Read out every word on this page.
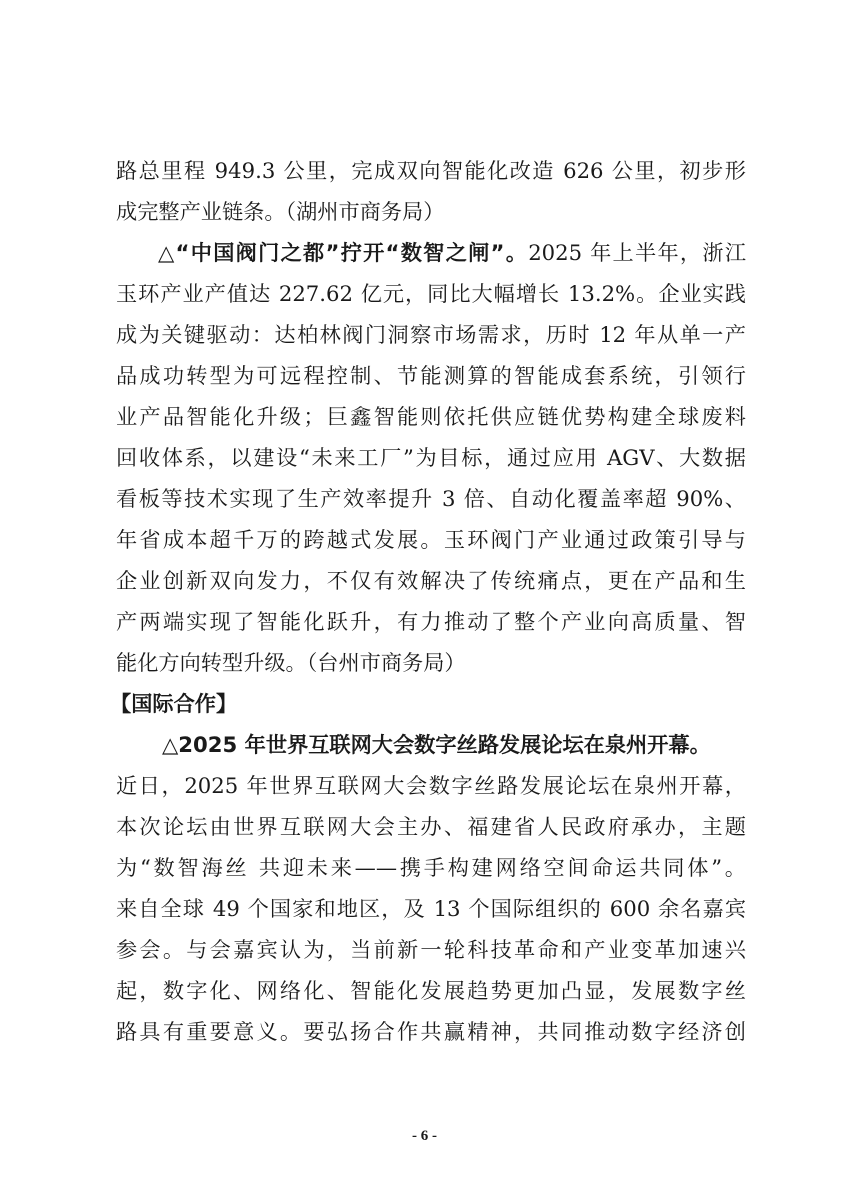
路总里程 949.3 公里，完成双向智能化改造 626 公里，初步形
成完整产业链条。（湖州市商务局）
△“中国阀门之都”拧开“数智之闸”。2025 年上半年，浙江
玉环产业产值达 227.62 亿元，同比大幅增长 13.2%。企业实践
成为关键驱动：达柏林阀门洞察市场需求，历时 12 年从单一产
品成功转型为可远程控制、节能测算的智能成套系统，引领行
业产品智能化升级；巨鑫智能则依托供应链优势构建全球废料
回收体系，以建设“未来工厂”为目标，通过应用 AGV、大数据
看板等技术实现了生产效率提升 3 倍、自动化覆盖率超 90%、
年省成本超千万的跨越式发展。玉环阀门产业通过政策引导与
企业创新双向发力，不仅有效解决了传统痛点，更在产品和生
产两端实现了智能化跃升，有力推动了整个产业向高质量、智
能化方向转型升级。（台州市商务局）
【国际合作】
△2025 年世界互联网大会数字丝路发展论坛在泉州开幕。
近日，2025 年世界互联网大会数字丝路发展论坛在泉州开幕，
本次论坛由世界互联网大会主办、福建省人民政府承办，主题
为“数智海丝 共迎未来——携手构建网络空间命运共同体”。
来自全球 49 个国家和地区，及 13 个国际组织的 600 余名嘉宾
参会。与会嘉宾认为，当前新一轮科技革命和产业变革加速兴
起，数字化、网络化、智能化发展趋势更加凸显，发展数字丝
路具有重要意义。要弘扬合作共赢精神，共同推动数字经济创
- 6 -
